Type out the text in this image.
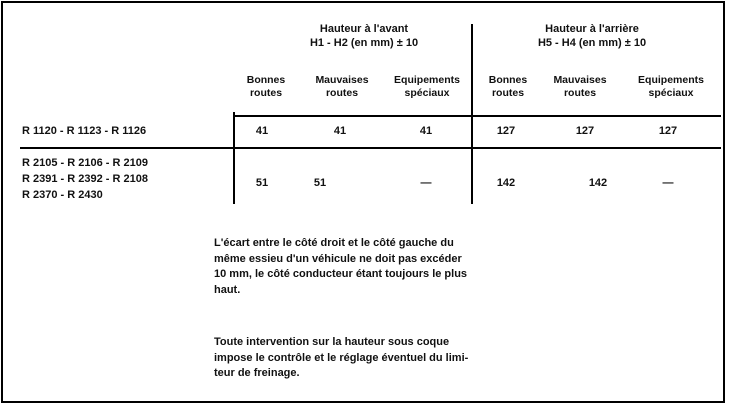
Hauteur à l'avant
H1 - H2 (en mm) ± 10
Hauteur à l'arrière
H5 - H4 (en mm) ± 10
Bonnes
routes
Mauvaises
routes
Equipements
spéciaux
Bonnes
routes
Mauvaises
routes
Equipements
spéciaux
R 1120 - R 1123 - R 1126	41	41	41	127	127	127
R 2105 - R 2106 - R 2109
R 2391 - R 2392 - R 2108
R 2370 - R 2430
51	51	—	142	142	—
L'écart entre le côté droit et le côté gauche du
même essieu d'un véhicule ne doit pas excéder
10 mm, le côté conducteur étant toujours le plus
haut.
Toute intervention sur la hauteur sous coque
impose le contrôle et le réglage éventuel du limi-
teur de freinage.
